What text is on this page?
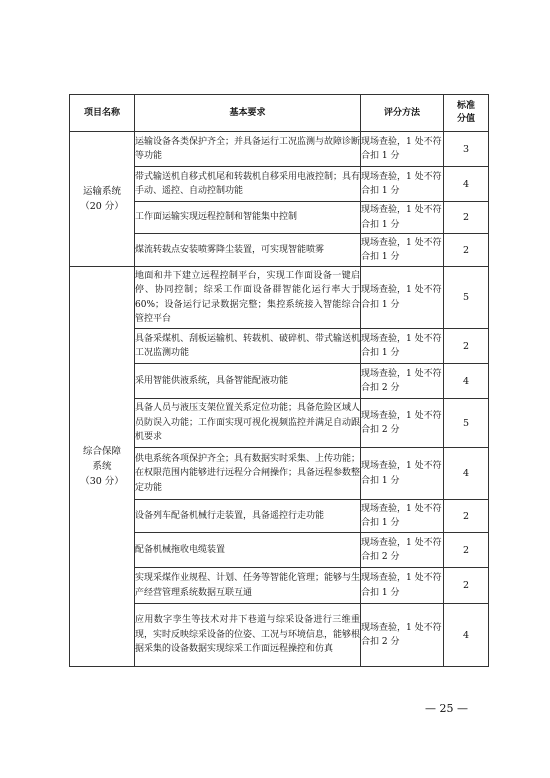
项目名称	基本要求	评分方法	标准
分值

运输系统
（20 分）	运输设备各类保护齐全；并具备运行工况监测与故障诊断等功能	现场查验，1 处不符合扣 1 分	3
	带式输送机自移式机尾和转载机自移采用电液控制；具有手动、遥控、自动控制功能	现场查验，1 处不符合扣 1 分	4
	工作面运输实现远程控制和智能集中控制	现场查验，1 处不符合扣 1 分	2
	煤流转载点安装喷雾降尘装置，可实现智能喷雾	现场查验，1 处不符合扣 1 分	2

综合保障
系统
（30 分）	地面和井下建立远程控制平台，实现工作面设备一键启停、协同控制；综采工作面设备群智能化运行率大于 60%；设备运行记录数据完整；集控系统接入智能综合管控平台	现场查验，1 处不符合扣 1 分	5
	具备采煤机、刮板运输机、转载机、破碎机、带式输送机工况监测功能	现场查验，1 处不符合扣 1 分	2
	采用智能供液系统，具备智能配液功能	现场查验，1 处不符合扣 2 分	4
	具备人员与液压支架位置关系定位功能；具备危险区域人员防误入功能；工作面实现可视化视频监控并满足自动跟机要求	现场查验，1 处不符合扣 2 分	5
	供电系统各项保护齐全；具有数据实时采集、上传功能；在权限范围内能够进行远程分合闸操作；具备远程参数整定功能	现场查验，1 处不符合扣 1 分	4
	设备列车配备机械行走装置，具备遥控行走功能	现场查验，1 处不符合扣 1 分	2
	配备机械拖收电缆装置	现场查验，1 处不符合扣 2 分	2
	实现采煤作业规程、计划、任务等智能化管理；能够与生产经营管理系统数据互联互通	现场查验，1 处不符合扣 1 分	2
	应用数字孪生等技术对井下巷道与综采设备进行三维重现，实时反映综采设备的位姿、工况与环境信息，能够根据采集的设备数据实现综采工作面远程操控和仿真	现场查验，1 处不符合扣 2 分	4
— 25 —
